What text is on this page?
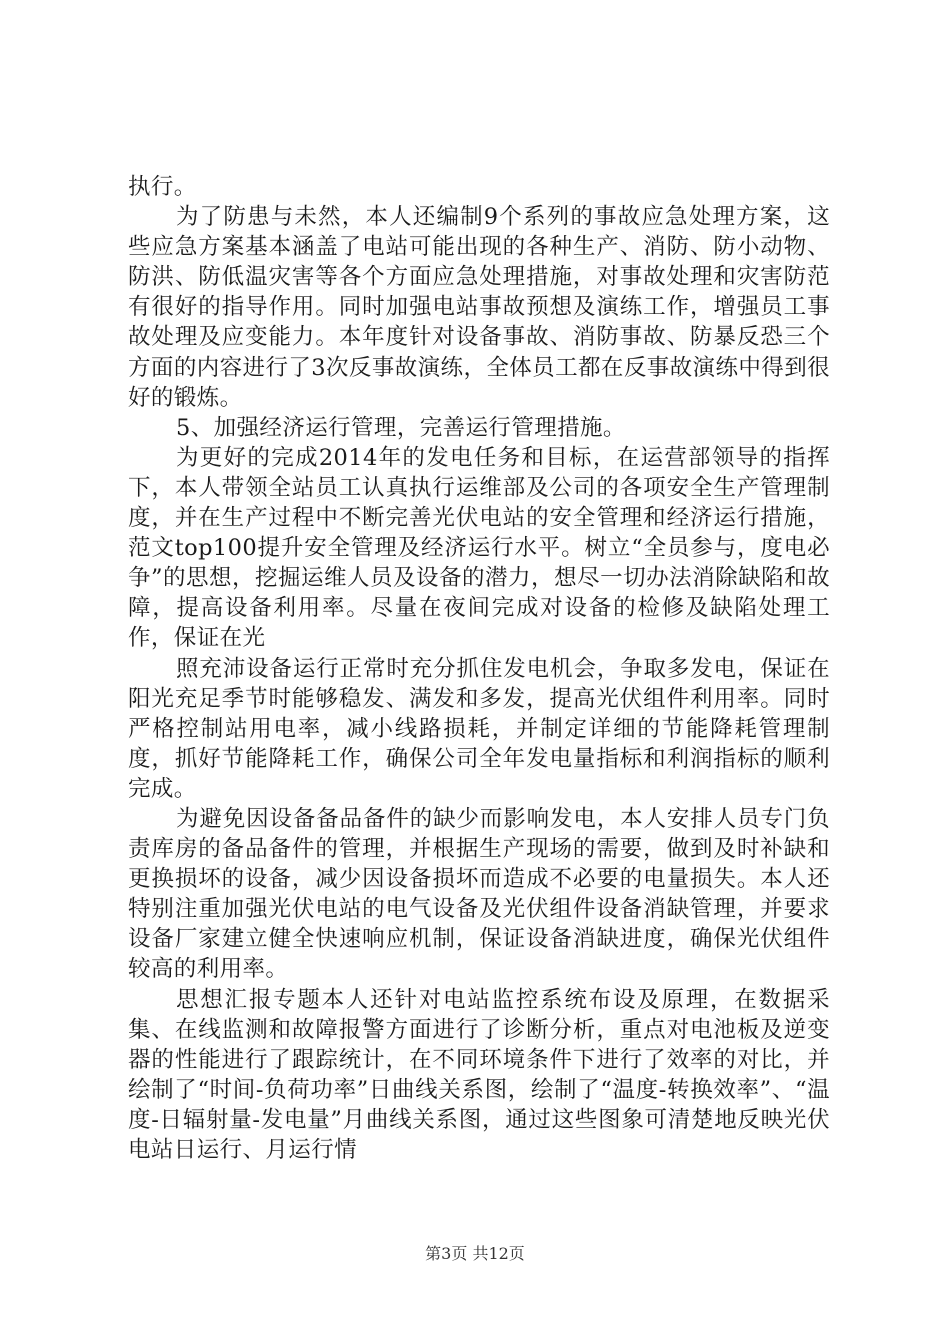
执行。

为了防患与未然，本人还编制9个系列的事故应急处理方案，这些应急方案基本涵盖了电站可能出现的各种生产、消防、防小动物、防洪、防低温灾害等各个方面应急处理措施，对事故处理和灾害防范有很好的指导作用。同时加强电站事故预想及演练工作，增强员工事故处理及应变能力。本年度针对设备事故、消防事故、防暴反恐三个方面的内容进行了3次反事故演练，全体员工都在反事故演练中得到很好的锻炼。

5、加强经济运行管理，完善运行管理措施。

为更好的完成2014年的发电任务和目标，在运营部领导的指挥下，本人带领全站员工认真执行运维部及公司的各项安全生产管理制度，并在生产过程中不断完善光伏电站的安全管理和经济运行措施，范文top100提升安全管理及经济运行水平。树立“全员参与，度电必争”的思想，挖掘运维人员及设备的潜力，想尽一切办法消除缺陷和故障，提高设备利用率。尽量在夜间完成对设备的检修及缺陷处理工作，保证在光

照充沛设备运行正常时充分抓住发电机会，争取多发电，保证在阳光充足季节时能够稳发、满发和多发，提高光伏组件利用率。同时严格控制站用电率，减小线路损耗，并制定详细的节能降耗管理制度，抓好节能降耗工作，确保公司全年发电量指标和利润指标的顺利完成。

为避免因设备备品备件的缺少而影响发电，本人安排人员专门负责库房的备品备件的管理，并根据生产现场的需要，做到及时补缺和更换损坏的设备，减少因设备损坏而造成不必要的电量损失。本人还特别注重加强光伏电站的电气设备及光伏组件设备消缺管理，并要求设备厂家建立健全快速响应机制，保证设备消缺进度，确保光伏组件较高的利用率。

思想汇报专题本人还针对电站监控系统布设及原理，在数据采集、在线监测和故障报警方面进行了诊断分析，重点对电池板及逆变器的性能进行了跟踪统计，在不同环境条件下进行了效率的对比，并绘制了“时间-负荷功率”日曲线关系图，绘制了“温度-转换效率”、“温度-日辐射量-发电量”月曲线关系图，通过这些图象可清楚地反映光伏电站日运行、月运行情

第3页 共12页
